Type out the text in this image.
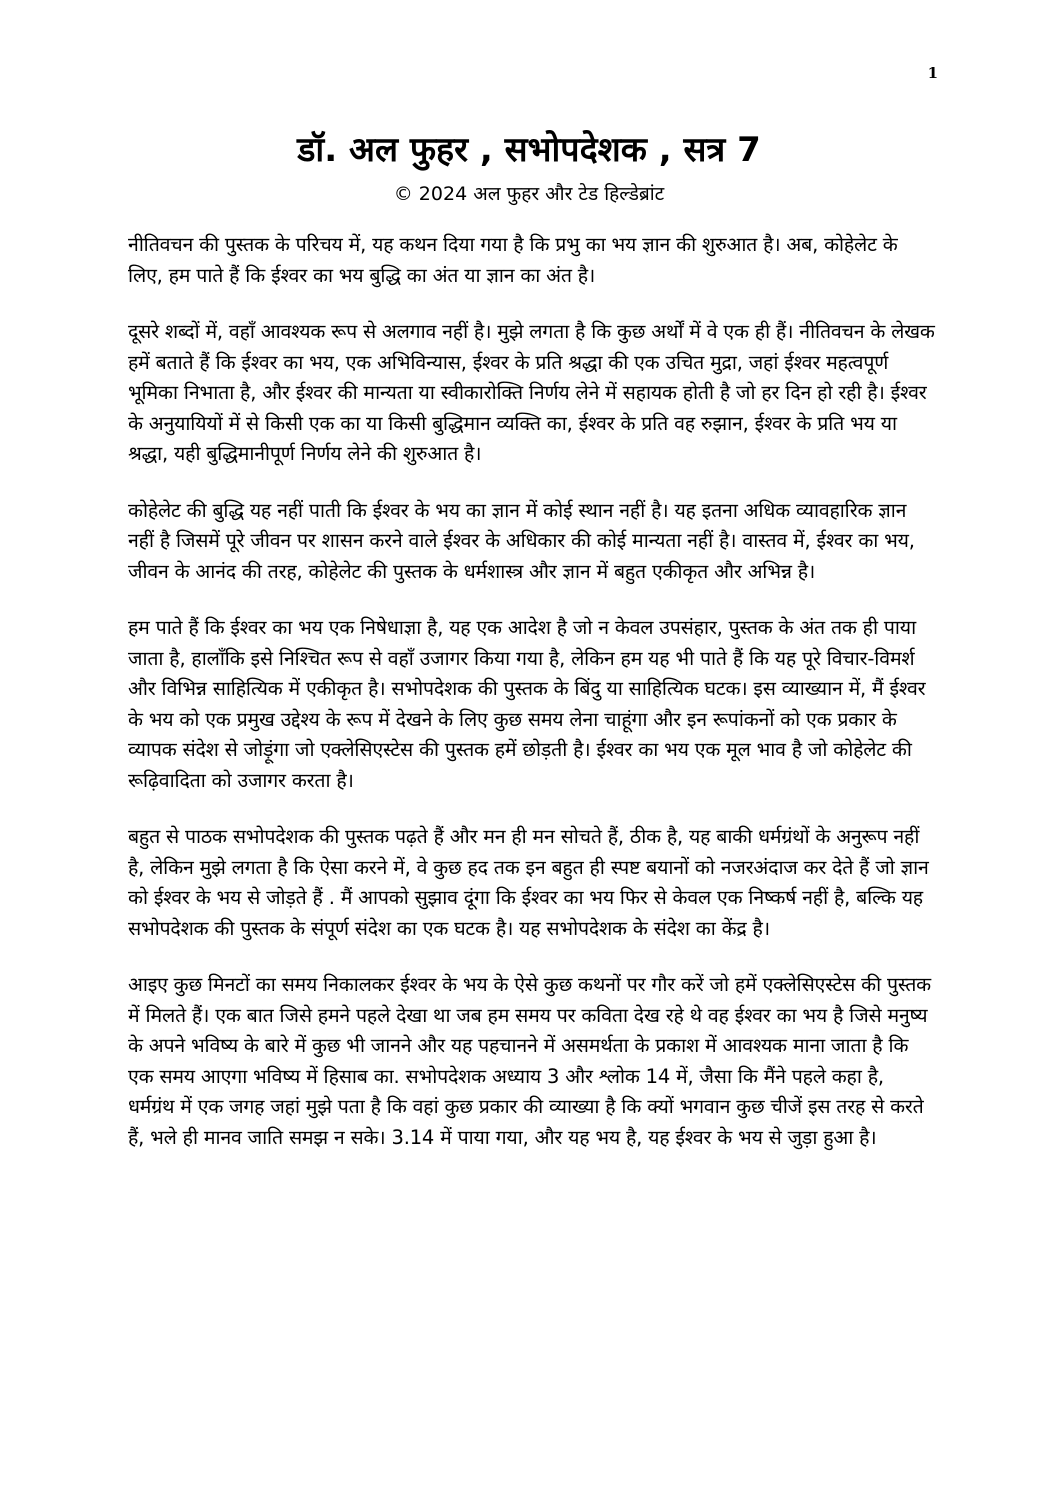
1
डॉ. अल फुहर , सभोपदेशक , सत्र 7

© 2024 अल फुहर और टेड हिल्डेब्रांट

नीतिवचन की पुस्तक के परिचय में, यह कथन दिया गया है कि प्रभु का भय ज्ञान की शुरुआत है। अब, कोहेलेट के लिए, हम पाते हैं कि ईश्वर का भय बुद्धि का अंत या ज्ञान का अंत है।

दूसरे शब्दों में, वहाँ आवश्यक रूप से अलगाव नहीं है। मुझे लगता है कि कुछ अर्थों में वे एक ही हैं। नीतिवचन के लेखक हमें बताते हैं कि ईश्वर का भय, एक अभिविन्यास, ईश्वर के प्रति श्रद्धा की एक उचित मुद्रा, जहां ईश्वर महत्वपूर्ण भूमिका निभाता है, और ईश्वर की मान्यता या स्वीकारोक्ति निर्णय लेने में सहायक होती है जो हर दिन हो रही है। ईश्वर के अनुयायियों में से किसी एक का या किसी बुद्धिमान व्यक्ति का, ईश्वर के प्रति वह रुझान, ईश्वर के प्रति भय या श्रद्धा, यही बुद्धिमानीपूर्ण निर्णय लेने की शुरुआत है।

कोहेलेट की बुद्धि यह नहीं पाती कि ईश्वर के भय का ज्ञान में कोई स्थान नहीं है। यह इतना अधिक व्यावहारिक ज्ञान नहीं है जिसमें पूरे जीवन पर शासन करने वाले ईश्वर के अधिकार की कोई मान्यता नहीं है। वास्तव में, ईश्वर का भय, जीवन के आनंद की तरह, कोहेलेट की पुस्तक के धर्मशास्त्र और ज्ञान में बहुत एकीकृत और अभिन्न है।

हम पाते हैं कि ईश्वर का भय एक निषेधाज्ञा है, यह एक आदेश है जो न केवल उपसंहार, पुस्तक के अंत तक ही पाया जाता है, हालाँकि इसे निश्चित रूप से वहाँ उजागर किया गया है, लेकिन हम यह भी पाते हैं कि यह पूरे विचार-विमर्श और विभिन्न साहित्यिक में एकीकृत है। सभोपदेशक की पुस्तक के बिंदु या साहित्यिक घटक। इस व्याख्यान में, मैं ईश्वर के भय को एक प्रमुख उद्देश्य के रूप में देखने के लिए कुछ समय लेना चाहूंगा और इन रूपांकनों को एक प्रकार के व्यापक संदेश से जोड़ूंगा जो एक्लेसिएस्टेस की पुस्तक हमें छोड़ती है। ईश्वर का भय एक मूल भाव है जो कोहेलेट की रूढ़िवादिता को उजागर करता है।

बहुत से पाठक सभोपदेशक की पुस्तक पढ़ते हैं और मन ही मन सोचते हैं, ठीक है, यह बाकी धर्मग्रंथों के अनुरूप नहीं है, लेकिन मुझे लगता है कि ऐसा करने में, वे कुछ हद तक इन बहुत ही स्पष्ट बयानों को नजरअंदाज कर देते हैं जो ज्ञान को ईश्वर के भय से जोड़ते हैं . मैं आपको सुझाव दूंगा कि ईश्वर का भय फिर से केवल एक निष्कर्ष नहीं है, बल्कि यह सभोपदेशक की पुस्तक के संपूर्ण संदेश का एक घटक है। यह सभोपदेशक के संदेश का केंद्र है।

आइए कुछ मिनटों का समय निकालकर ईश्वर के भय के ऐसे कुछ कथनों पर गौर करें जो हमें एक्लेसिएस्टेस की पुस्तक में मिलते हैं। एक बात जिसे हमने पहले देखा था जब हम समय पर कविता देख रहे थे वह ईश्वर का भय है जिसे मनुष्य के अपने भविष्य के बारे में कुछ भी जानने और यह पहचानने में असमर्थता के प्रकाश में आवश्यक माना जाता है कि एक समय आएगा भविष्य में हिसाब का. सभोपदेशक अध्याय 3 और श्लोक 14 में, जैसा कि मैंने पहले कहा है, धर्मग्रंथ में एक जगह जहां मुझे पता है कि वहां कुछ प्रकार की व्याख्या है कि क्यों भगवान कुछ चीजें इस तरह से करते हैं, भले ही मानव जाति समझ न सके। 3.14 में पाया गया, और यह भय है, यह ईश्वर के भय से जुड़ा हुआ है।
